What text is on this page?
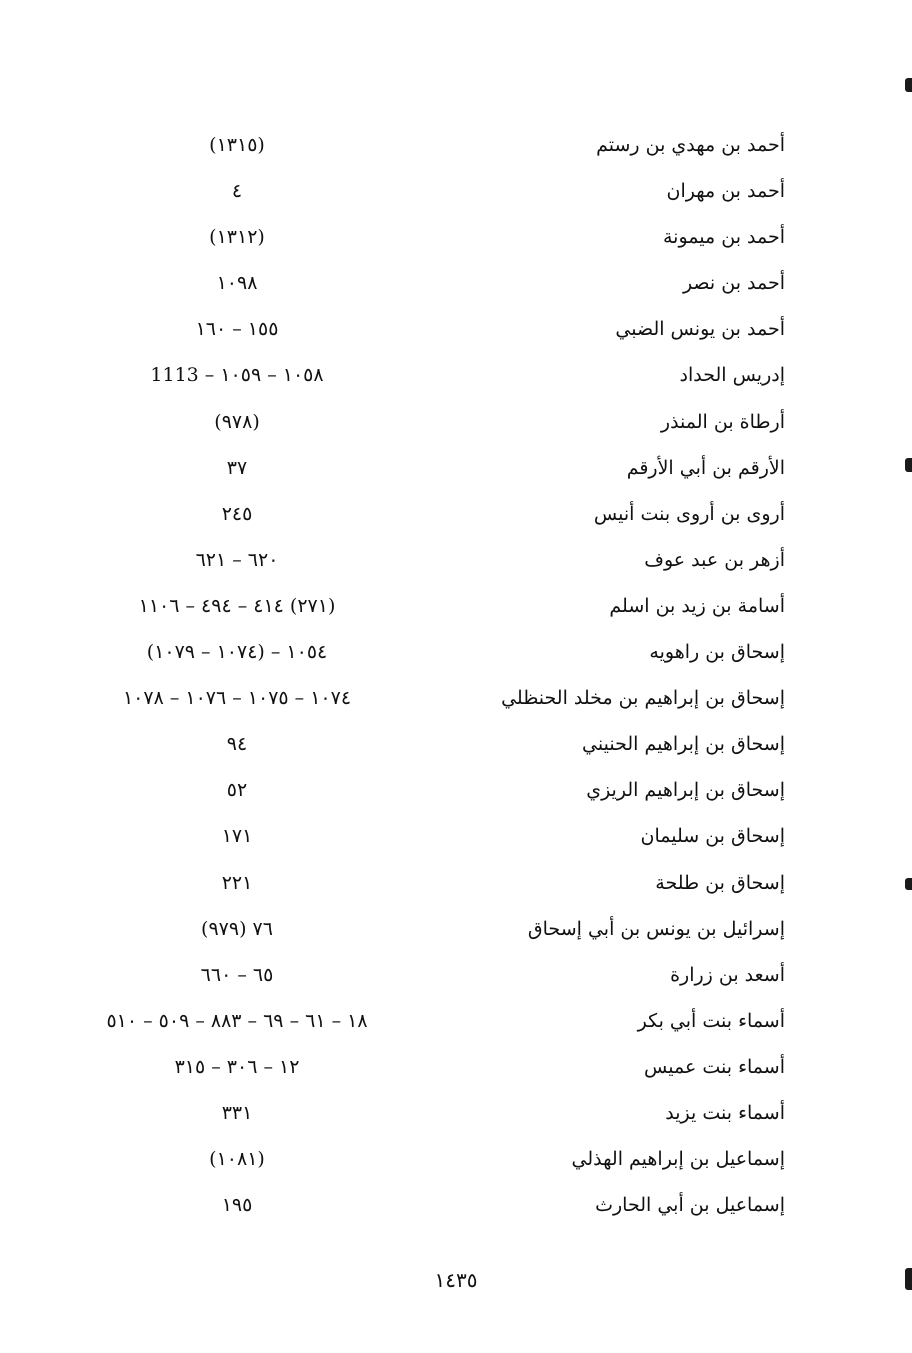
أحمد بن مهدي بن رستم
(١٣١٥)
أحمد بن مهران
٤
أحمد بن ميمونة
(١٣١٢)
أحمد بن نصر
١٠٩٨
أحمد بن يونس الضبي
١٥٥ – ١٦٠
إدريس الحداد
١٠٥٨ – ١٠٥٩ – 1113
أرطاة بن المنذر
(٩٧٨)
الأرقم بن أبي الأرقم
٣٧
أروى بن أروى بنت أنيس
٢٤٥
أزهر بن عبد عوف
٦٢٠ – ٦٢١
أسامة بن زيد بن اسلم
(٢٧١) ٤١٤ – ٤٩٤ – ١١٠٦
إسحاق بن راهويه
١٠٥٤ – (١٠٧٤ – ١٠٧٩)
إسحاق بن إبراهيم بن مخلد الحنظلي
١٠٧٤ – ١٠٧٥ – ١٠٧٦ – ١٠٧٨
إسحاق بن إبراهيم الحنيني
٩٤
إسحاق بن إبراهيم الريزي
٥٢
إسحاق بن سليمان
١٧١
إسحاق بن طلحة
٢٢١
إسرائيل بن يونس بن أبي إسحاق
٧٦ (٩٧٩)
أسعد بن زرارة
٦٥ – ٦٦٠
أسماء بنت أبي بكر
١٨ – ٦١ – ٦٩ – ٨٨٣ – ٥٠٩ – ٥١٠
أسماء بنت عميس
١٢ – ٣٠٦ – ٣١٥
أسماء بنت يزيد
٣٣١
إسماعيل بن إبراهيم الهذلي
(١٠٨١)
إسماعيل بن أبي الحارث
١٩٥
١٤٣٥
